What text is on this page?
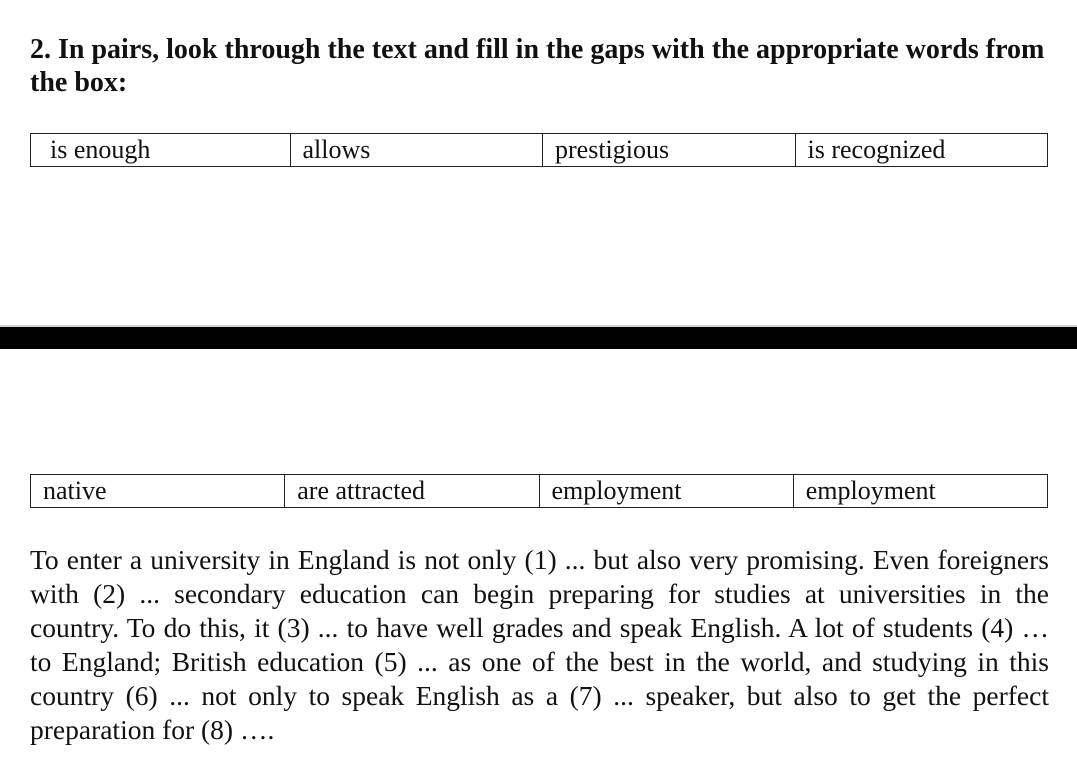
2. In pairs, look through the text and fill in the gaps with the appropriate words from the box:

is enough	allows	prestigious	is recognized
native	are attracted	employment	employment

To enter a university in England is not only (1) ... but also very promising. Even foreigners with (2) ... secondary education can begin preparing for studies at universities in the country. To do this, it (3) ... to have well grades and speak English. A lot of students (4) … to England; British education (5) ... as one of the best in the world, and studying in this country (6) ... not only to speak English as a (7) ... speaker, but also to get the perfect preparation for (8) ….
